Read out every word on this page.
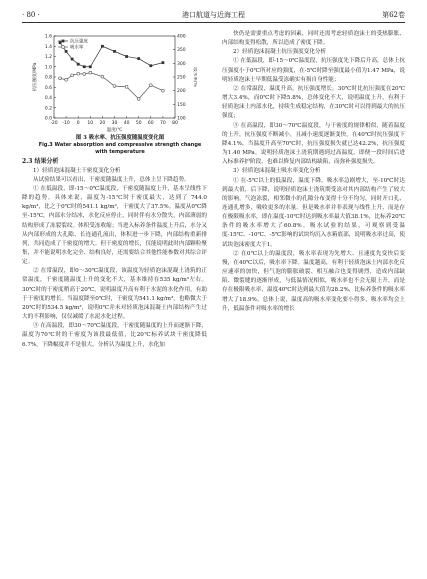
· 80 ·	港口航道与近海工程	第62卷
-20 -10 0 10 20 30 40 50 60 70 80
0.0
0.2
0.4
0.6
0.8
1.0
1.2
1.4
1.6
100
150
200
250
300
350
400
温度/℃
抗压强度/MPa	吸水率/%
抗压强度
吸水率

图 3 吸水率、抗压强度随温度变化图

Fig.3 Water absorption and compressive strength change

with temperature

2.3 结果分析

1）轻质泡沫混凝土干密度变化分析

从试验结果可以看出，干密度随温度上升，总体上呈下降趋势。

① 在低温段，即-15～0℃温度段，干密度随温度上升，基本呈线性下降的趋势。具体来说，温度为-15℃时干密度最大，达到了 744.0 kg/m³，比之于0℃时的541.1 kg/m³，干密度大了37.5%。温度从0℃降至-15℃，内部水分结冰，水化反应停止，同时伴有水分散失，内部薄弱的结构形成了冻裂裂纹。体积受冻收缩；当进入标养条件温度上升后，水分又从内部形成的大孔隙、长连通孔流出，体积进一步下降，内部结构重新排列，共同造成了干密度的增大。但干密度的增长，仅能说明此时内部颗粒聚集，并不能说明水化完全、结构良好，还需要结合其他性能参数对其综合评定。

② 在常温段，即0～30℃温度段，该温度为轻质泡沫混凝土浇筑的正常温度，干密度随温度上升的变化不大，基本维持在535 kg/m³左右。30℃时的干密度稍高于20℃，说明温度升高有利于水泥的水化作用，有助于干密度的增长。当温度降至0℃时，干密度为541.1 kg/m³，也略微大于20℃时的534.5 kg/m³，说明0℃并未对轻质泡沫混凝土内部结构产生过大的不利影响，仅仅减缓了水泥水化过程。

③ 在高温段，即30～70℃温度段，干密度随温度的上升而逐渐下降，温度为70℃时的干密度为该段最低值，比20℃标养试块干密度降低6.7%。下降幅度并不是很大。分析认为温度上升，水化加

快仍是需要重点考虑的因素，同时还需考虑轻质泡沫土的受热膨胀、内部结构变得松散，所以造成了密度下降。

2）轻质泡沫混凝土抗压强度变化分析

① 在低温段，即-15～0℃温度段，抗压强度先下降后升高，总体上抗压强度小于0℃所对应的强度，在-5℃时降至强度最小值为1.47 MPa，说明轻质泡沫土早期低温受冻确实有损自身性能；

② 在常温段，温度升高，抗压强度增长。30℃时比抗压强度在20℃增大3.4%，而0℃时下降5.8%，总体变化不大，说明温度上升，有利于轻质泡沫土内部水化，持续生成稳定结构，在30℃时可以得到最大的抗压强度；

③ 在高温段，即30～70℃温度段，与干密度的规律相似，随着温度的上升，抗压强度不断减小，且减小速度逐渐变快。在40℃时抗压强度下降4.1%，当温度升高至70℃时，抗压强度损失就已达42.2%，抗压强度为1.40 MPa。说明轻质泡沫土浇筑期遇到过高温度，即便一段时间后进入标准养护阶段，也难以修复内部结构缺陷，而弥补强度损失。

3）轻质泡沫混凝土吸水率变化分析

① 在-5℃以上的低温段，温度下降，吸水率急剧增大，至-10℃时达到最大值，后下降，说明轻质泡沫土浇筑期受冻对其内部结构产生了较大的影响，气泡冻裂，相邻微小的孔隙分布变得十分不均匀，同时开口孔、连通孔增多，吸收更多的水量。但是吸水率并非表现与线性上升，而是存在极限吸水率，即在温度-10℃时达到吸水率最大值38.1%，比标养20℃条件的吸水率增大了60.8%。吸水试验的结果，可观察到受温度-15℃、-10℃、-5℃影响的试块均沉入水箱底部，说明吸水率过高，使试块泡沫密度大于1。

② 在0℃以上的温度段，吸水率表现为先增大、且速度先变快后变慢，在40℃以后，吸水率下降。温度越高，有利于轻质泡沫土内部水化反应速率的加快，但气泡的膨胀破裂、相互融合也变得剧烈，造成内部缺陷、微裂缝的逐渐形成，与低温情况相似，吸水率也不会无限上升，而是存在极限吸水率，温度40℃时达到最大值为28.2%，比标养条件的吸水率增大了18.9%。总体上说，温度高的吸水率变化要小得多，吸水率均会上升，低温条件对吸水率的增长
